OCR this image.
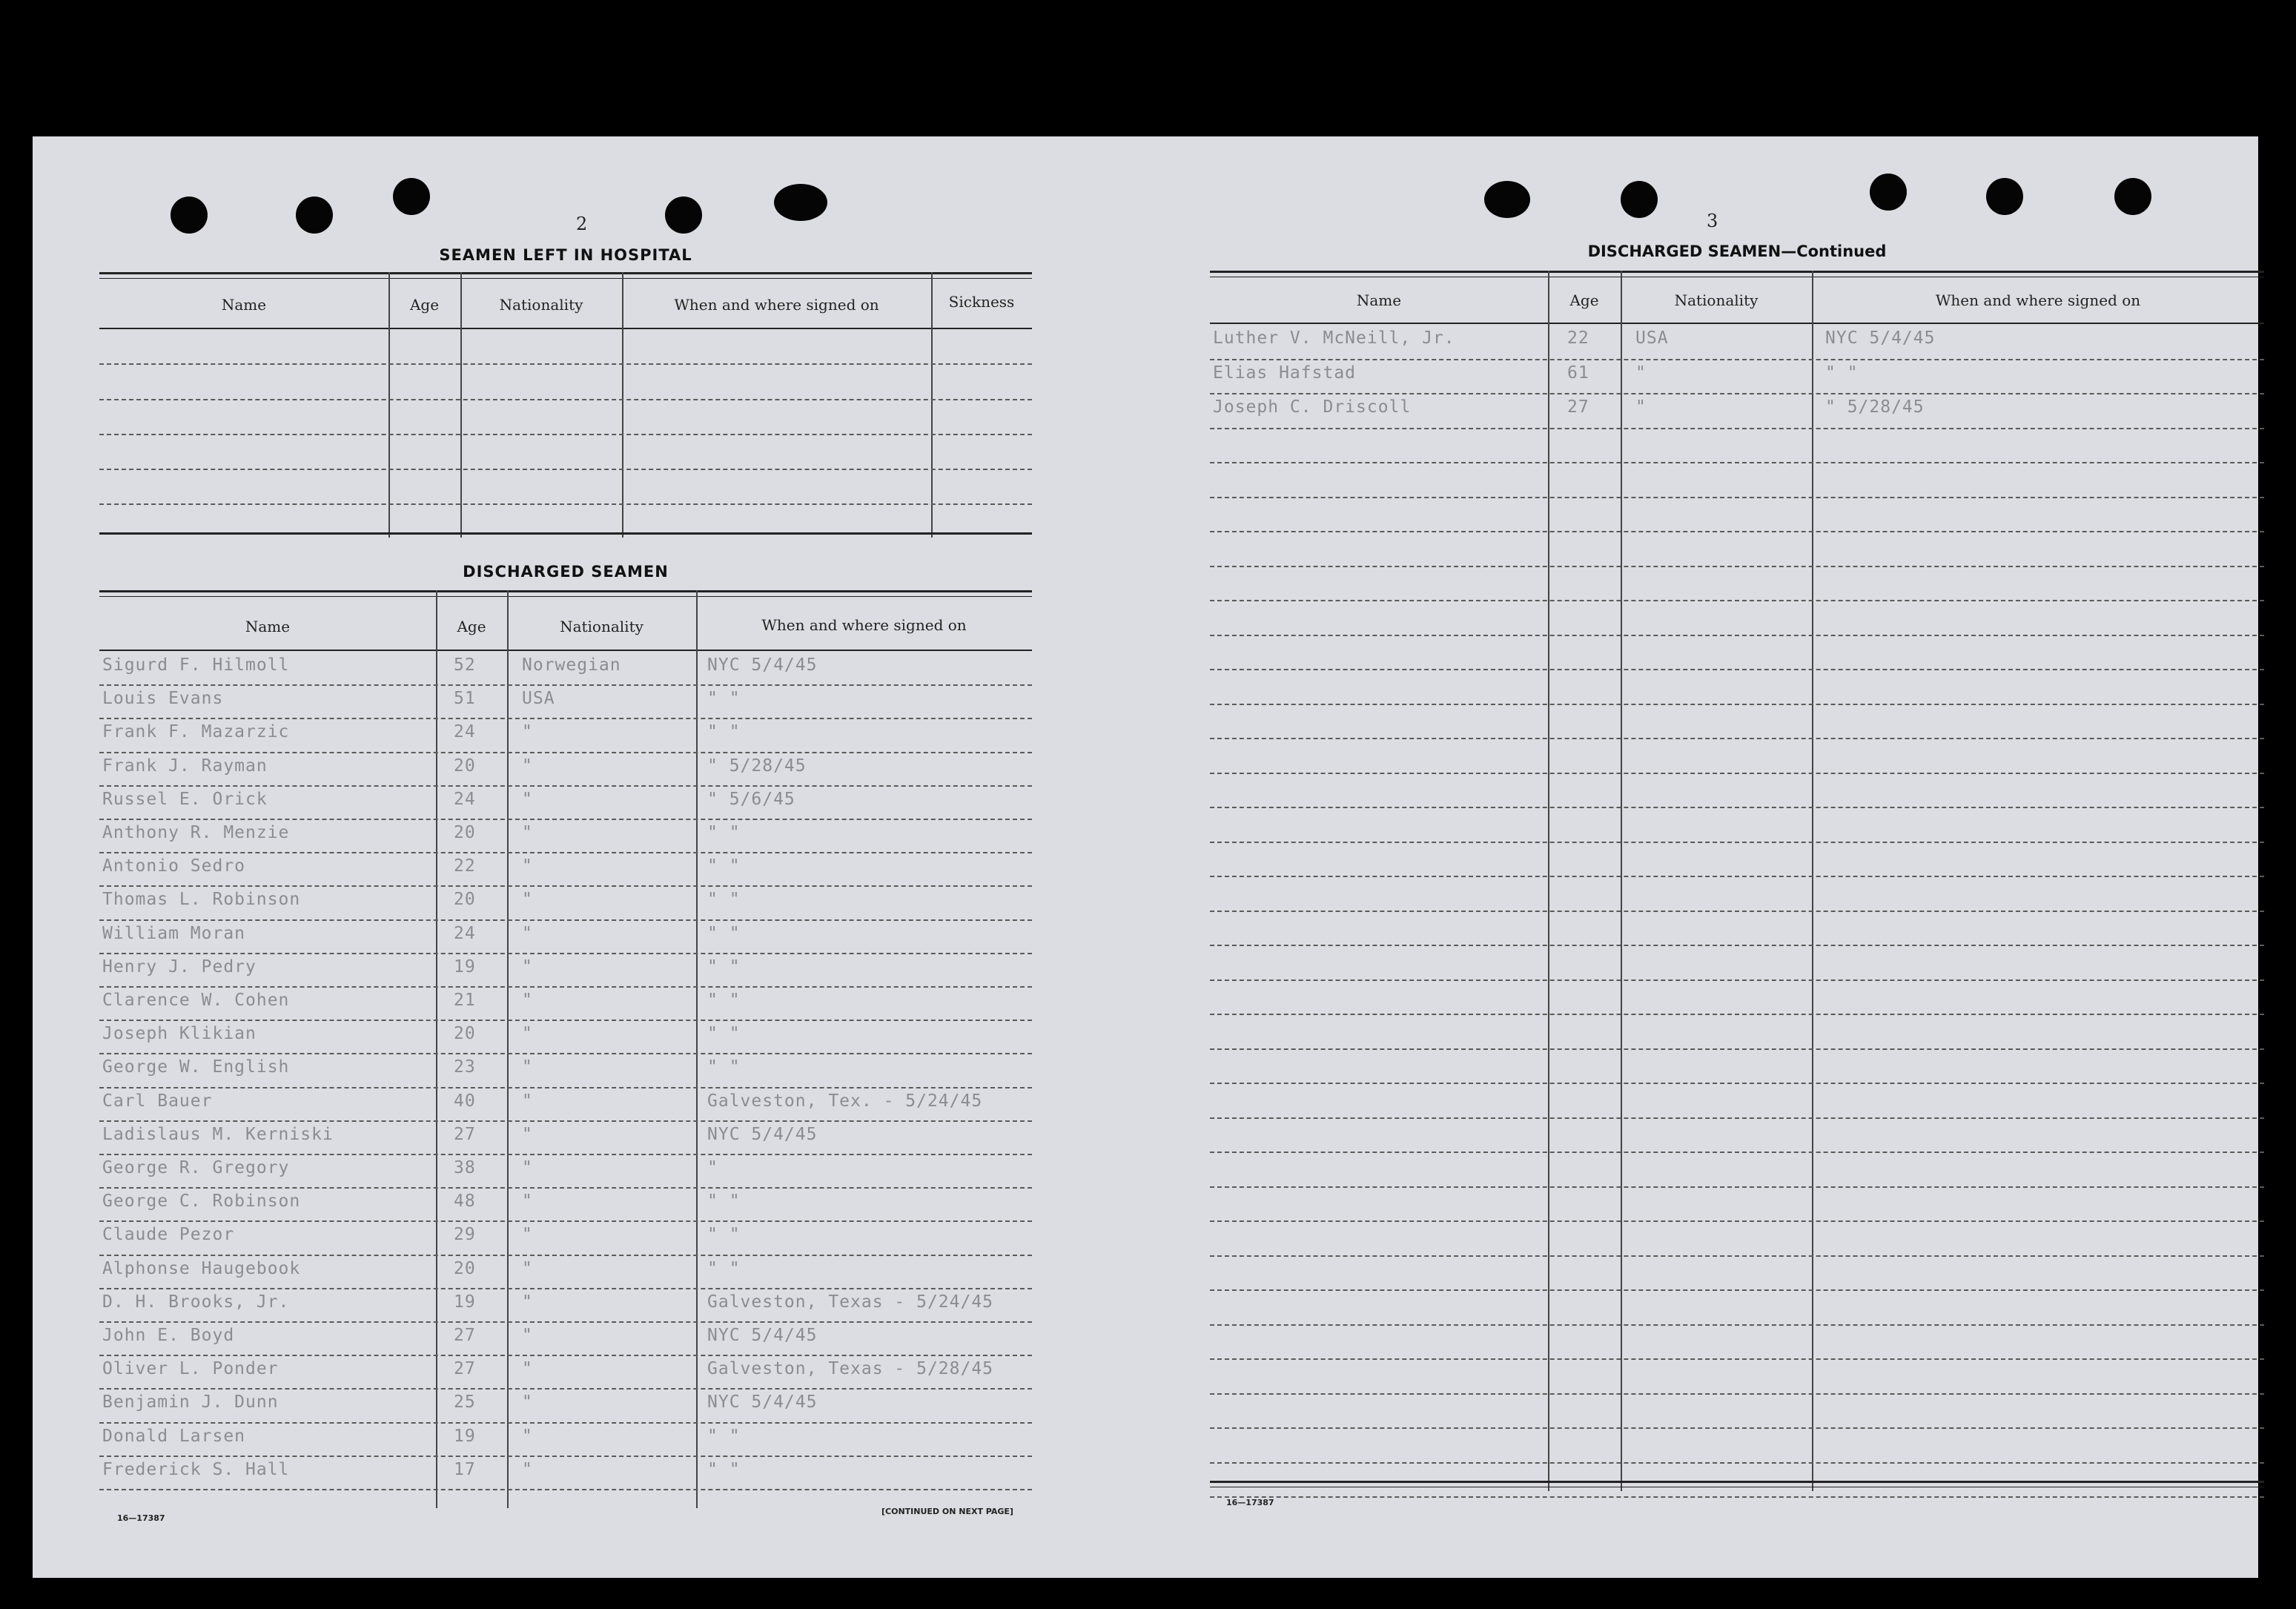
2
SEAMEN LEFT IN HOSPITAL
Name	Age	Nationality	When and where signed on	Sickness
DISCHARGED SEAMEN
Name	Age	Nationality	When and where signed on
Sigurd F. Hilmoll	52	Norwegian	NYC 5/4/45
Louis Evans	51	USA	" "
Frank F. Mazarzic	24	"	" "
Frank J. Rayman	20	"	" 5/28/45
Russel E. Orick	24	"	" 5/6/45
Anthony R. Menzie	20	"	" "
Antonio Sedro	22	"	" "
Thomas L. Robinson	20	"	" "
William Moran	24	"	" "
Henry J. Pedry	19	"	" "
Clarence W. Cohen	21	"	" "
Joseph Klikian	20	"	" "
George W. English	23	"	" "
Carl Bauer	40	"	Galveston, Tex. - 5/24/45
Ladislaus M. Kerniski	27	"	NYC 5/4/45
George R. Gregory	38	"	"
George C. Robinson	48	"	" "
Claude Pezor	29	"	" "
Alphonse Haugebook	20	"	" "
D. H. Brooks, Jr.	19	"	Galveston, Texas - 5/24/45
John E. Boyd	27	"	NYC 5/4/45
Oliver L. Ponder	27	"	Galveston, Texas - 5/28/45
Benjamin J. Dunn	25	"	NYC 5/4/45
Donald Larsen	19	"	" "
Frederick S. Hall	17	"	" "
16—17387
[CONTINUED ON NEXT PAGE]
3
DISCHARGED SEAMEN—Continued
Name	Age	Nationality	When and where signed on
Luther V. McNeill, Jr.	22	USA	NYC 5/4/45
Elias Hafstad	61	"	" "
Joseph C. Driscoll	27	"	" 5/28/45
16—17387
